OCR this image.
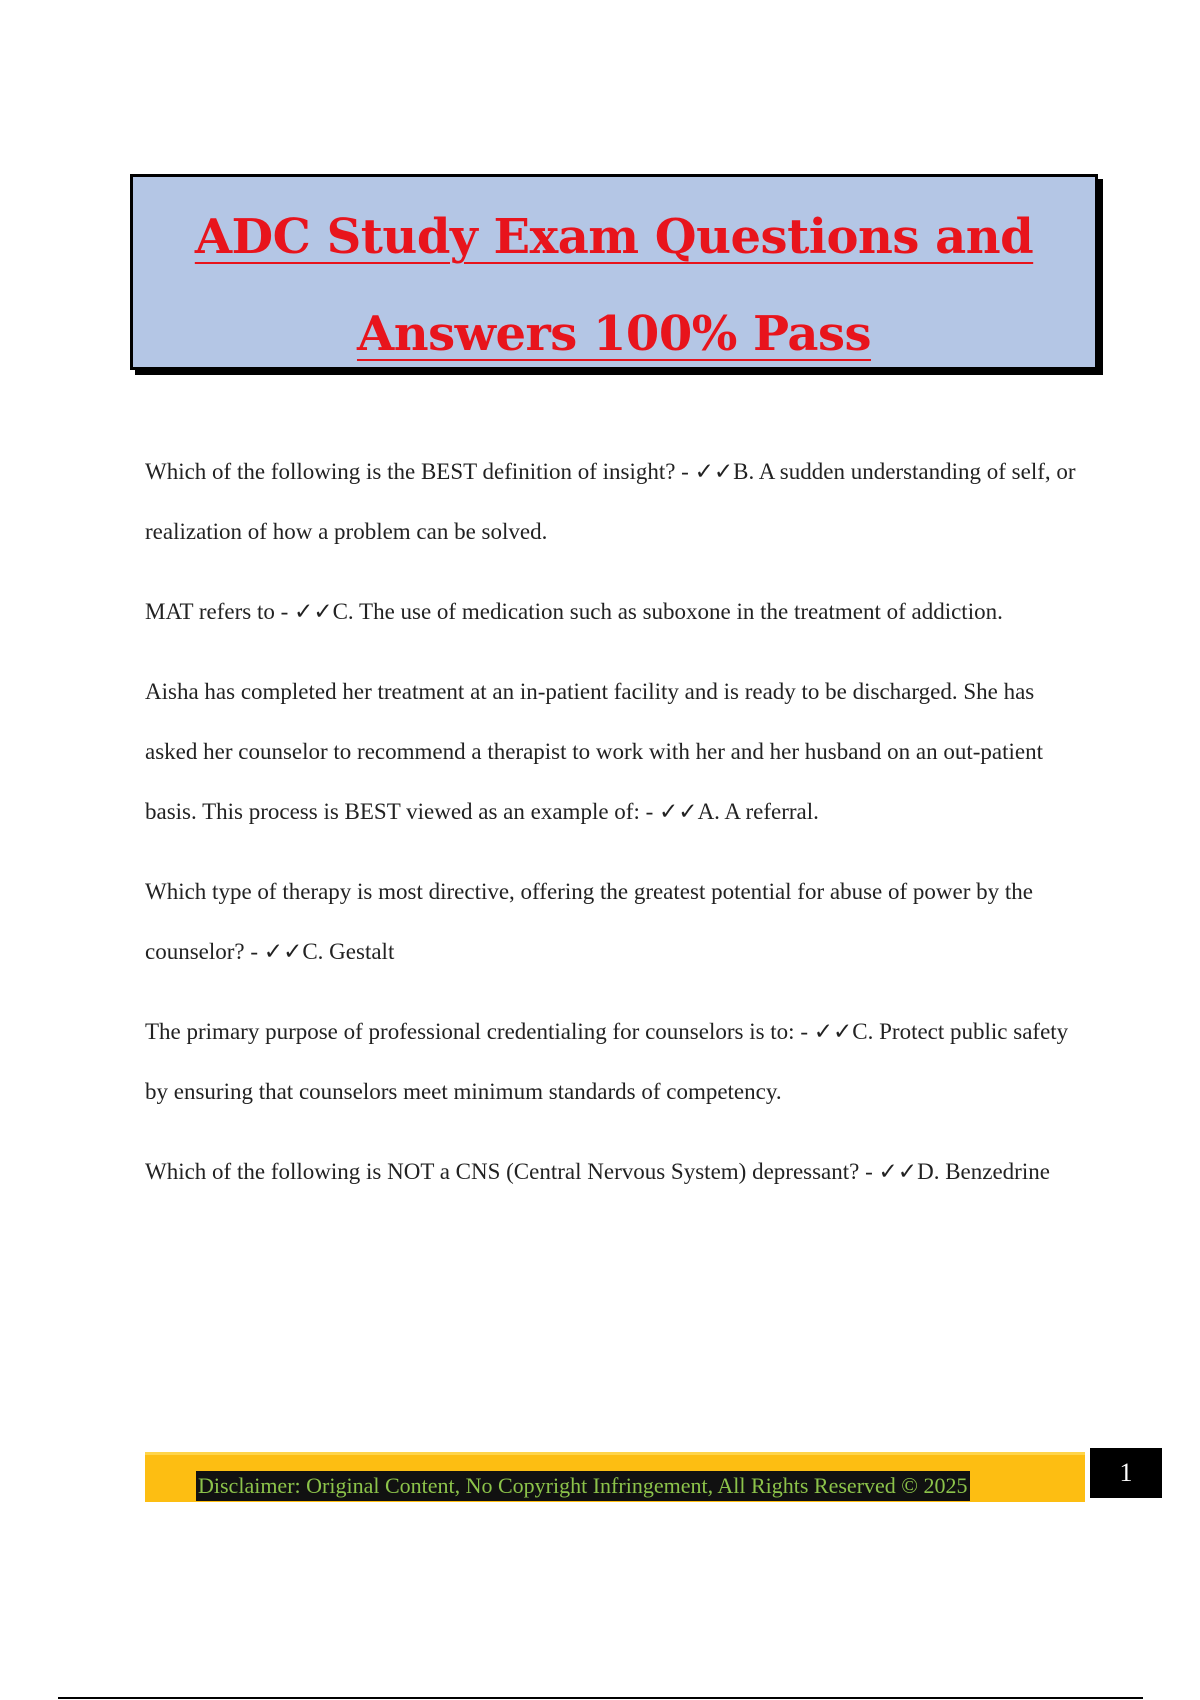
ADC Study Exam Questions and
Answers 100% Pass

Which of the following is the BEST definition of insight? - ✓✓B. A sudden understanding of self, or realization of how a problem can be solved.

MAT refers to - ✓✓C. The use of medication such as suboxone in the treatment of addiction.

Aisha has completed her treatment at an in-patient facility and is ready to be discharged. She has asked her counselor to recommend a therapist to work with her and her husband on an out-patient basis. This process is BEST viewed as an example of: - ✓✓A. A referral.

Which type of therapy is most directive, offering the greatest potential for abuse of power by the counselor? - ✓✓C. Gestalt

The primary purpose of professional credentialing for counselors is to: - ✓✓C. Protect public safety by ensuring that counselors meet minimum standards of competency.

Which of the following is NOT a CNS (Central Nervous System) depressant? - ✓✓D. Benzedrine

Disclaimer: Original Content, No Copyright Infringement, All Rights Reserved © 2025	1
